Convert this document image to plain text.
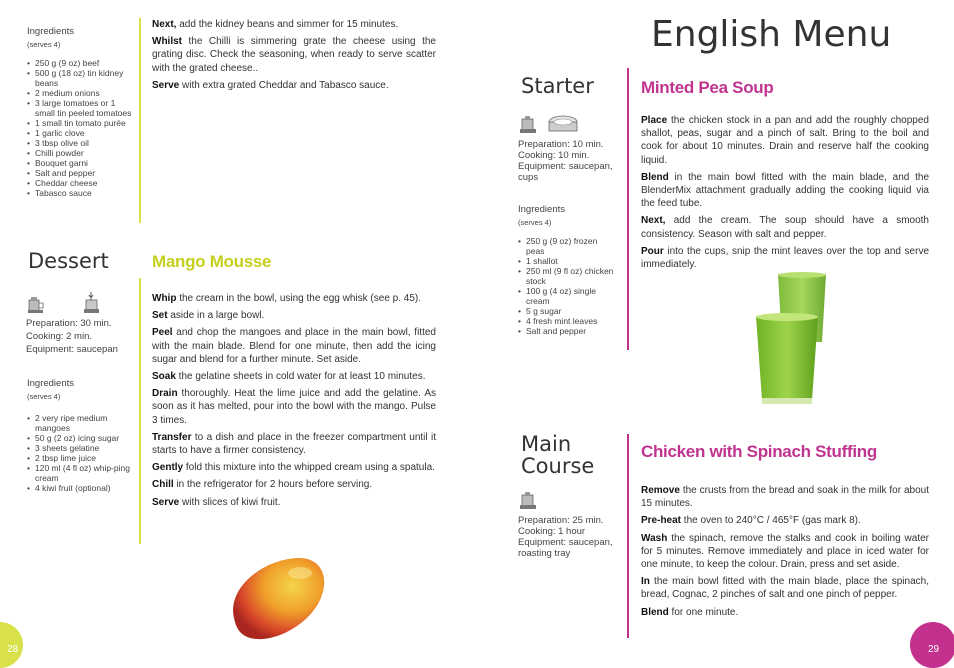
Ingredients
(serves 4)
• 250 g (9 oz) beef
• 500 g (18 oz) tin kidney beans
• 2 medium onions
• 3 large tomatoes or 1 small tin peeled tomatoes
• 1 small tin tomato purée
• 1 garlic clove
• 3 tbsp olive oil
• Chilli powder
• Bouquet garni
• Salt and pepper
• Cheddar cheese
• Tabasco sauce

Next, add the kidney beans and simmer for 15 minutes.

Whilst the Chilli is simmering grate the cheese using the grating disc. Check the seasoning, when ready to serve scatter with the grated cheese..

Serve with extra grated Cheddar and Tabasco sauce.

Dessert

Preparation: 30 min.
Cooking: 2 min.
Equipment: saucepan
Ingredients
(serves 4)
• 2 very ripe medium mangoes
• 50 g (2 oz) icing sugar
• 3 sheets gelatine
• 2 tbsp lime juice
• 120 ml (4 fl oz) whip-ping cream
• 4 kiwi fruit (optional)
Mango Mousse

Whip the cream in the bowl, using the egg whisk (see p. 45).

Set aside in a large bowl.

Peel and chop the mangoes and place in the main bowl, fitted with the main blade. Blend for one minute, then add the icing sugar and blend for a further minute. Set aside.

Soak the gelatine sheets in cold water for at least 10 minutes.

Drain thoroughly. Heat the lime juice and add the gelatine. As soon as it has melted, pour into the bowl with the mango. Pulse 3 times.

Transfer to a dish and place in the freezer compartment until it starts to have a firmer consistency.

Gently fold this mixture into the whipped cream using a spatula.

Chill in the refrigerator for 2 hours before serving.

Serve with slices of kiwi fruit.

28
English Menu
Starter

Preparation: 10 min.
Cooking: 10 min.
Equipment: saucepan, cups
Ingredients
(serves 4)
• 250 g (9 oz) frozen peas
• 1 shallot
• 250 ml (9 fl oz) chicken stock
• 100 g (4 oz) single cream
• 5 g sugar
• 4 fresh mint leaves
• Salt and pepper
Minted Pea Soup

Place the chicken stock in a pan and add the roughly chopped shallot, peas, sugar and a pinch of salt. Bring to the boil and cook for about 10 minutes. Drain and reserve half the cooking liquid.

Blend in the main bowl fitted with the main blade, and the BlenderMix attachment gradually adding the cooking liquid via the feed tube.

Next, add the cream. The soup should have a smooth consistency. Season with salt and pepper.

Pour into the cups, snip the mint leaves over the top and serve immediately.

Main
Course
Preparation: 25 min.
Cooking: 1 hour
Equipment: saucepan, roasting tray
Chicken with Spinach Stuffing

Remove the crusts from the bread and soak in the milk for about 15 minutes.

Pre-heat the oven to 240°C / 465°F (gas mark 8).

Wash the spinach, remove the stalks and cook in boiling water for 5 minutes. Remove immediately and place in iced water for one minute, to keep the colour. Drain, press and set aside.

In the main bowl fitted with the main blade, place the spinach, bread, Cognac, 2 pinches of salt and one pinch of pepper.

Blend for one minute.

29
